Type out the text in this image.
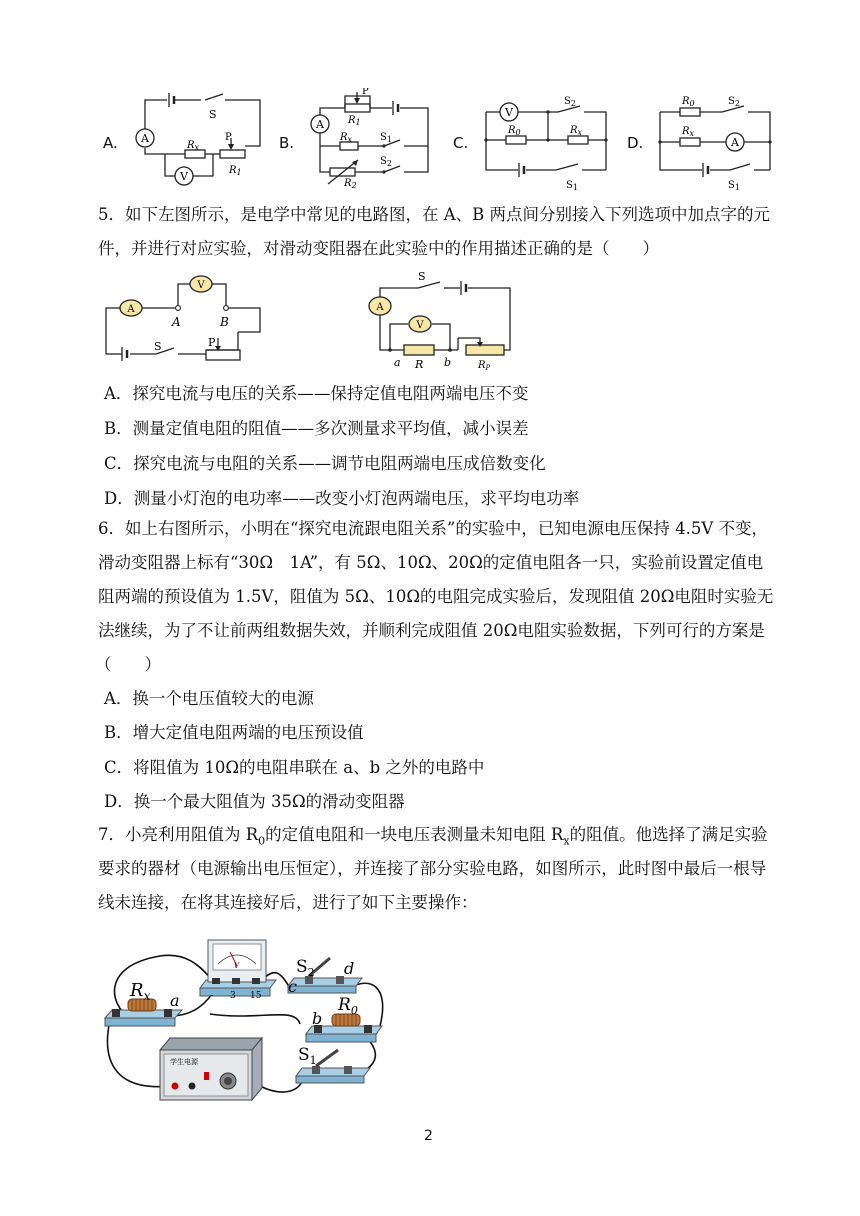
A.	B.	C.	D.
A
V
S
P
$R_x$
$R_1$
A
P
$R_1$
$R_x$	$S_1$
$S_2$
$R_2$
V
$S_2$
$R_0$	$R_x$
$S_1$
A
$R_0$	$S_2$
$R_x$
$S_1$
5．如下左图所示，是电学中常见的电路图，在 A、B 两点间分别接入下列选项中加点字的元
件，并进行对应实验，对滑动变阻器在此实验中的作用描述正确的是（　　）
A
V
A	B
S	P
A
V
S
a R b	$R_P$
A．探究电流与电压的关系——保持定值电阻两端电压不变
B．测量定值电阻的阻值——多次测量求平均值，减小误差
C．探究电流与电阻的关系——调节电阻两端电压成倍数变化
D．测量小灯泡的电功率——改变小灯泡两端电压，求平均电功率
6．如上右图所示，小明在“探究电流跟电阻关系”的实验中，已知电源电压保持 4.5V 不变，
滑动变阻器上标有“30Ω　1A”，有 5Ω、10Ω、20Ω的定值电阻各一只，实验前设置定值电
阻两端的预设值为 1.5V，阻值为 5Ω、10Ω的电阻完成实验后，发现阻值 20Ω电阻时实验无
法继续，为了不让前两组数据失效，并顺利完成阻值 20Ω电阻实验数据，下列可行的方案是
（　　）
A．换一个电压值较大的电源
B．增大定值电阻两端的电压预设值
C．将阻值为 10Ω的电阻串联在 a、b 之外的电路中
D．换一个最大阻值为 35Ω的滑动变阻器
7．小亮利用阻值为 $R_0$的定值电阻和一块电压表测量未知电阻 $R_x$的阻值。他选择了满足实验
要求的器材（电源输出电压恒定），并连接了部分实验电路，如图所示，此时图中最后一根导
线未连接，在将其连接好后，进行了如下主要操作：
$R_x$ a
V
- 3 15
$S_2$
c
d
$R_0$
b
学生电源	$S_1$
2
